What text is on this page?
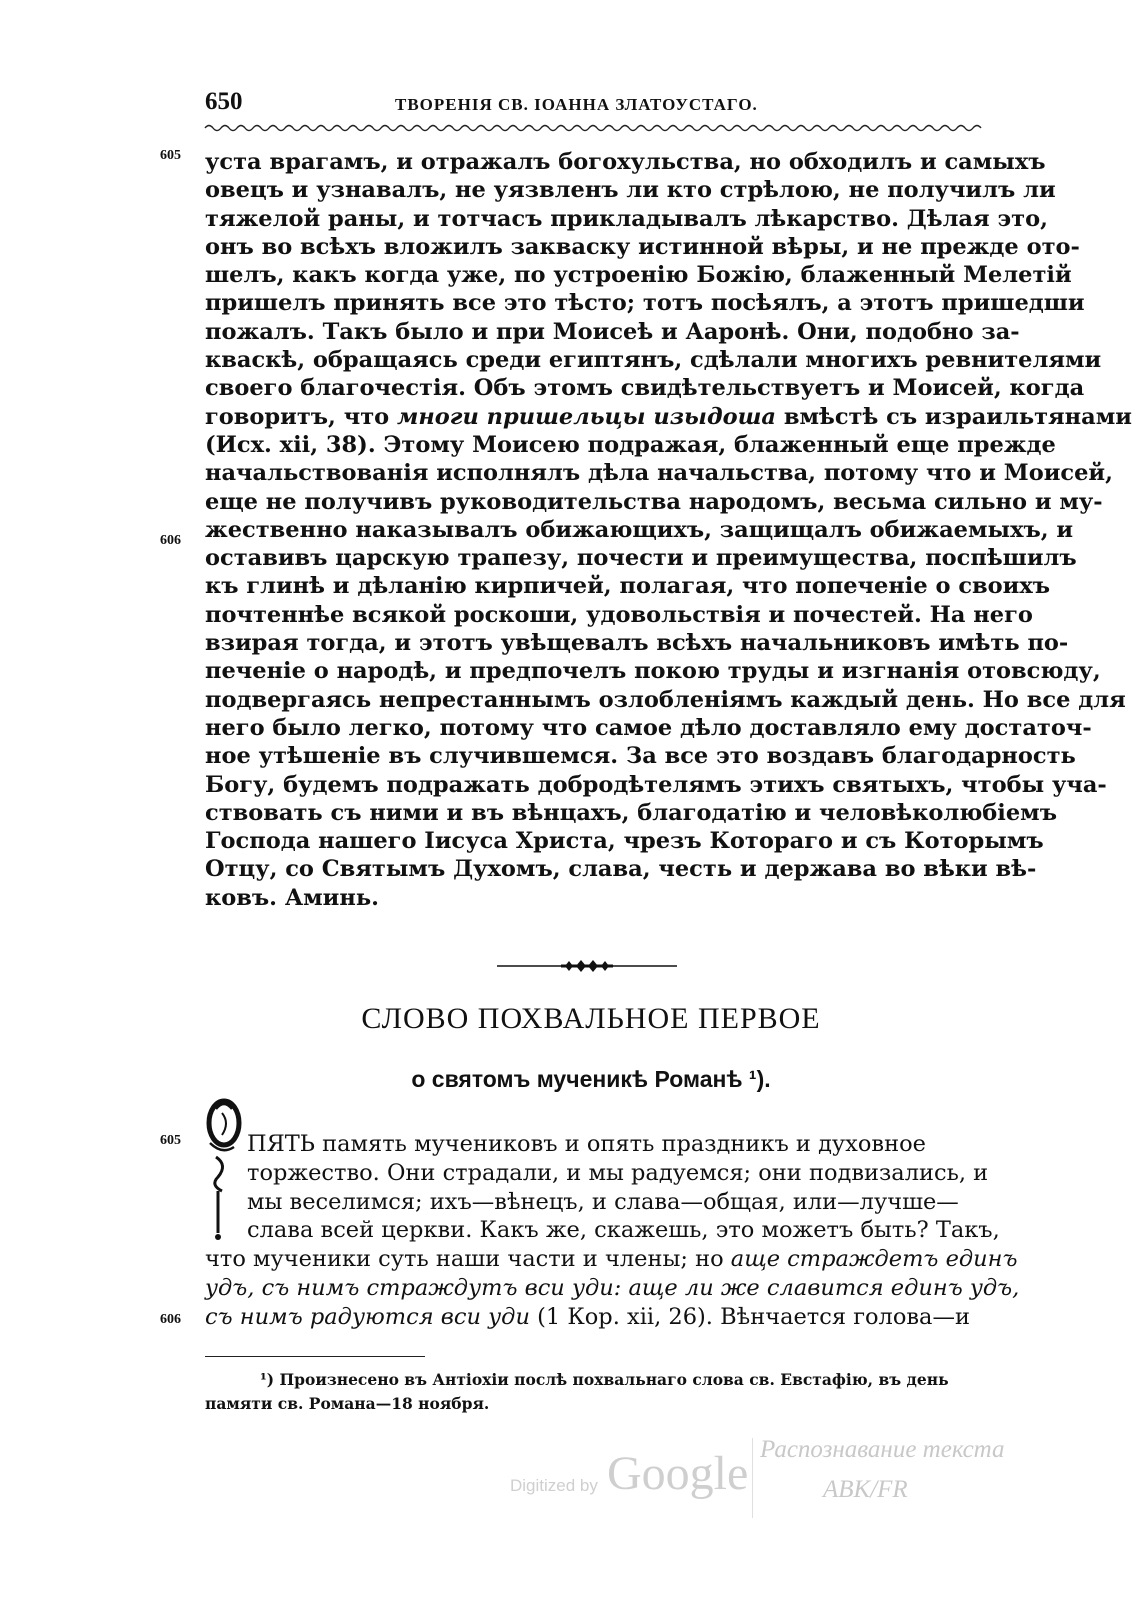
650	ТВОРЕНІЯ СВ. ІОАННА ЗЛАТОУСТАГО.
605
606
605
606

уста врагамъ, и отражалъ богохульства, но обходилъ и самыхъ
овецъ и узнавалъ, не уязвленъ ли кто стрѣлою, не получилъ ли
тяжелой раны, и тотчасъ прикладывалъ лѣкарство. Дѣлая это,
онъ во всѣхъ вложилъ закваску истинной вѣры, и не прежде ото-
шелъ, какъ когда уже, по устроенію Божію, блаженный Мелетій
пришелъ принять все это тѣсто; тотъ посѣялъ, а этотъ пришедши
пожалъ. Такъ было и при Моисеѣ и Ааронѣ. Они, подобно за-
кваскѣ, обращаясь среди египтянъ, сдѣлали многихъ ревнителями
своего благочестія. Объ этомъ свидѣтельствуетъ и Моисей, когда
говоритъ, что многи пришельцы изыдоша вмѣстѣ съ израильтянами
(Исх. xii, 38). Этому Моисею подражая, блаженный еще прежде
начальствованія исполнялъ дѣла начальства, потому что и Моисей,
еще не получивъ руководительства народомъ, весьма сильно и му-
жественно наказывалъ обижающихъ, защищалъ обижаемыхъ, и
оставивъ царскую трапезу, почести и преимущества, поспѣшилъ
къ глинѣ и дѣланію кирпичей, полагая, что попеченіе о своихъ
почтеннѣе всякой роскоши, удовольствія и почестей. На него
взирая тогда, и этотъ увѣщевалъ всѣхъ начальниковъ имѣть по-
печеніе о народѣ, и предпочелъ покою труды и изгнанія отовсюду,
подвергаясь непрестаннымъ озлобленіямъ каждый день. Но все для
него было легко, потому что самое дѣло доставляло ему достаточ-
ное утѣшеніе въ случившемся. За все это воздавъ благодарность
Богу, будемъ подражать добродѣтелямъ этихъ святыхъ, чтобы уча-
ствовать съ ними и въ вѣнцахъ, благодатію и человѣколюбіемъ
Господа нашего Іисуса Христа, чрезъ Котораго и съ Которымъ
Отцу, со Святымъ Духомъ, слава, честь и держава во вѣки вѣ-
ковъ. Аминь.

СЛОВО ПОХВАЛЬНОЕ ПЕРВОЕ
о святомъ мученикѣ Романѣ ¹).

ПЯТЬ память мучениковъ и опять праздникъ и духовное
торжество. Они страдали, и мы радуемся; они подвизались, и
мы веселимся; ихъ—вѣнецъ, и слава—общая, или—лучше—
слава всей церкви. Какъ же, скажешь, это можетъ быть? Такъ,
что мученики суть наши части и члены; но аще страждетъ единъ
удъ, съ нимъ страждутъ вси уди: аще ли же славится единъ удъ,
съ нимъ радуются вси уди (1 Кор. xii, 26). Вѣнчается голова—и

¹) Произнесено въ Антіохіи послѣ похвальнаго слова св. Евстафію, въ день
памяти св. Романа—18 ноября.

Digitized by Google Распознавание текста
ABK/FR
